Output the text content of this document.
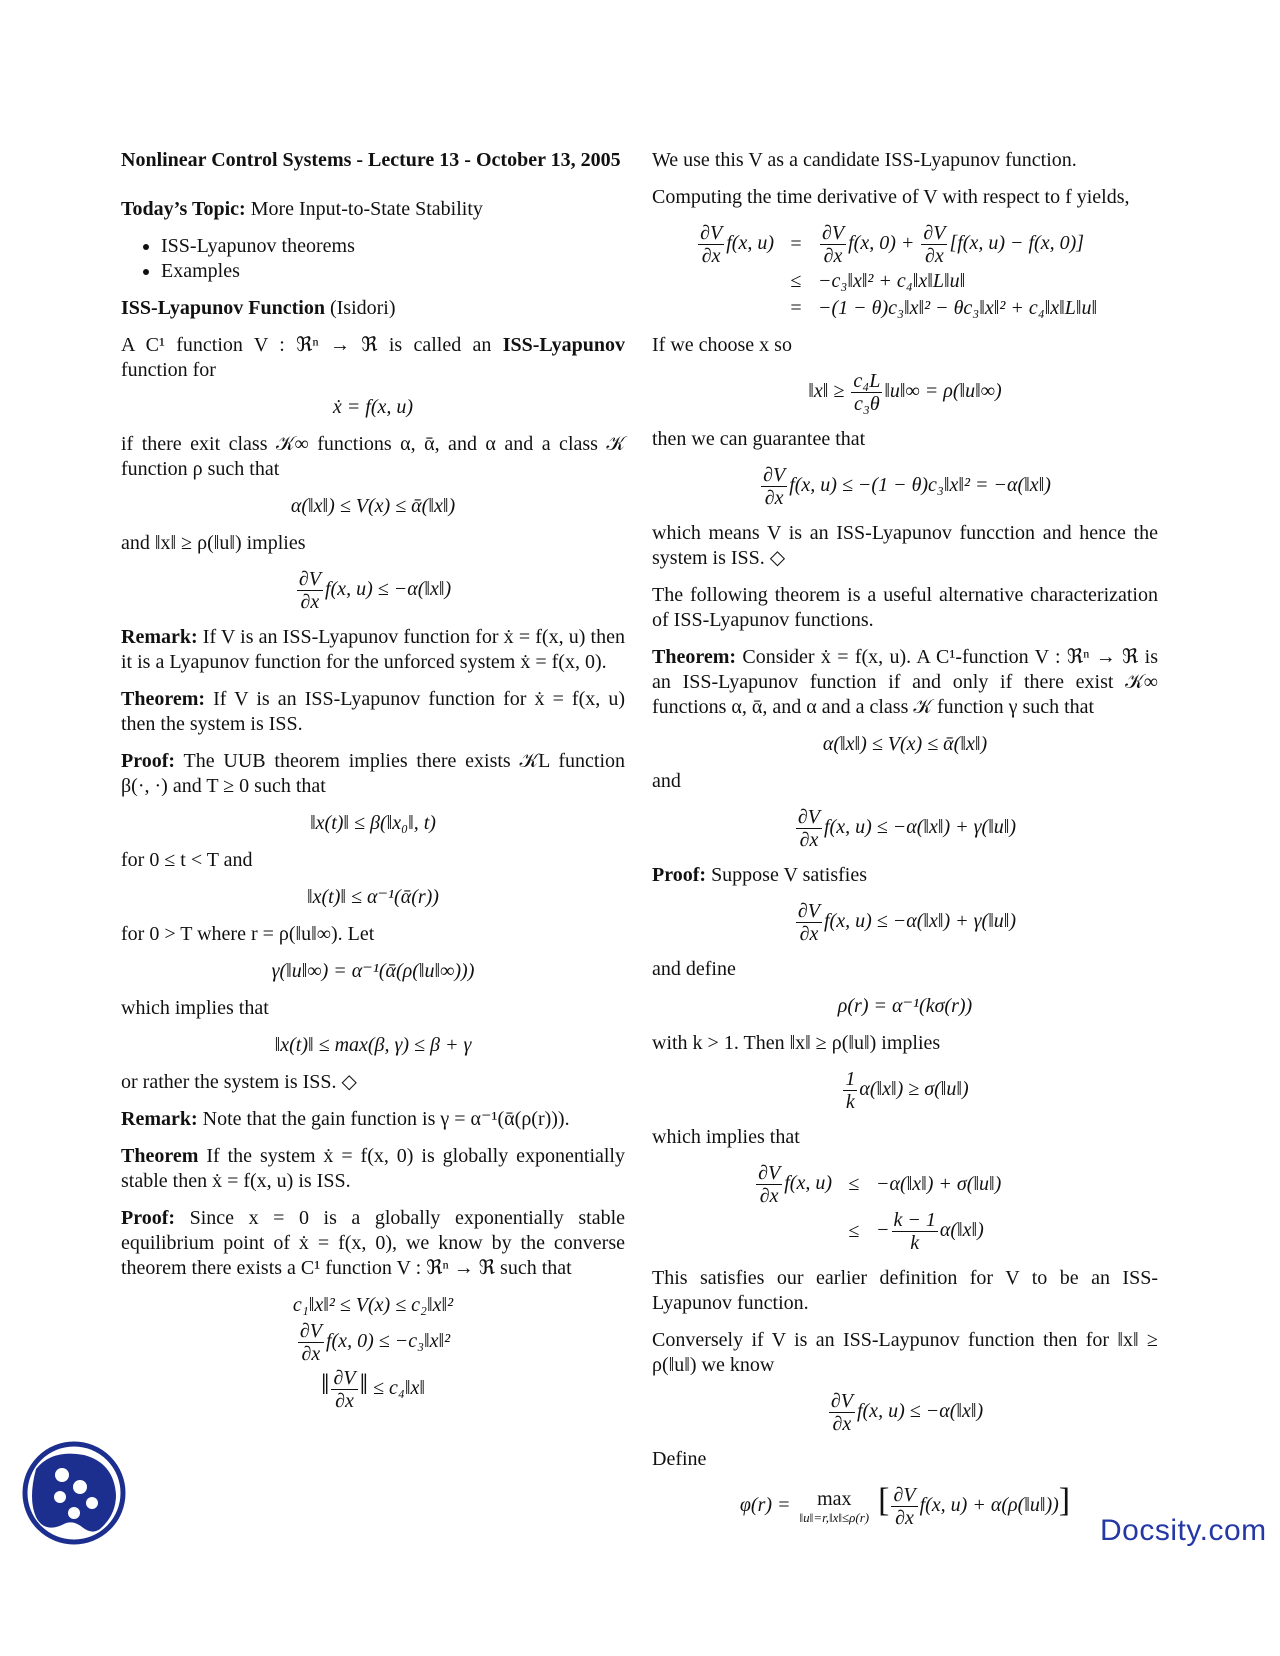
Nonlinear Control Systems - Lecture 13 - October 13, 2005

Today’s Topic: More Input-to-State Stability

• ISS-Lyapunov theorems
• Examples

ISS-Lyapunov Function (Isidori)

A C¹ function V : ℜⁿ → ℜ is called an ISS-Lyapunov function for

ẋ = f(x, u)

if there exit class 𝒦∞ functions α, ᾱ, and α and a class 𝒦 function ρ such that

α(‖x‖) ≤ V(x) ≤ ᾱ(‖x‖)

and ‖x‖ ≥ ρ(‖u‖) implies

$\frac{\partial V}{\partial x} f(x$, u) ≤ −α(‖x‖)

Remark: If V is an ISS-Lyapunov function for ẋ = f(x, u) then it is a Lyapunov function for the unforced system ẋ = f(x, 0).

Theorem: If V is an ISS-Lyapunov function for ẋ = f(x, u) then the system is ISS.

Proof: The UUB theorem implies there exists 𝒦L function β(·, ·) and T ≥ 0 such that

‖x(t)‖ ≤ β(‖x₀‖, t)

for 0 ≤ t < T and

‖x(t)‖ ≤ α⁻¹(ᾱ(r))

for 0 > T where r = ρ(‖u‖∞). Let

γ(‖u‖∞) = α⁻¹(ᾱ(ρ(‖u‖∞)))

which implies that

‖x(t)‖ ≤ max(β, γ) ≤ β + γ

or rather the system is ISS. ◇

Remark: Note that the gain function is γ = α⁻¹(ᾱ(ρ(r))).

Theorem If the system ẋ = f(x, 0) is globally exponentially stable then ẋ = f(x, u) is ISS.

Proof: Since x = 0 is a globally exponentially stable equilibrium point of ẋ = f(x, 0), we know by the converse theorem there exists a C¹ function V : ℜⁿ → ℜ such that

c₁‖x‖² ≤ V(x) ≤ c₂‖x‖²
$\frac{\partial V}{\partial x} f(x$, 0) ≤ −c₃‖x‖²
‖ $\frac{\partial V}{\partial x}$ ‖ ≤ c₄‖x‖

We use this V as a candidate ISS-Lyapunov function.

Computing the time derivative of V with respect to f yields,

$\frac{\partial V}{\partial x} f(x$, $u) = \frac{\partial V}{\partial x} f(x$, $0) + \frac{\partial V}{\partial x} [f(x$, u) − f(x, 0)]
≤ −c₃‖x‖² + c₄‖x‖L‖u‖
= −(1 − θ)c₃‖x‖² − θc₃‖x‖² + c₄‖x‖L‖u‖

If we choose x so

‖x‖ ≥ $\frac{\text{c₄L}}{\text{c₃θ}}$ ‖u‖∞ = ρ(‖u‖∞)

then we can guarantee that

$\frac{\partial V}{\partial x} f(x$, u) ≤ −(1 − θ)c₃‖x‖² = −α(‖x‖)

which means V is an ISS-Lyapunov funcction and hence the system is ISS. ◇

The following theorem is a useful alternative characterization of ISS-Lyapunov functions.

Theorem: Consider ẋ = f(x, u). A C¹-function V : ℜⁿ → ℜ is an ISS-Lyapunov function if and only if there exist 𝒦∞ functions α, ᾱ, and α and a class 𝒦 function γ such that

α(‖x‖) ≤ V(x) ≤ ᾱ(‖x‖)

and

$\frac{\partial V}{\partial x} f(x$, u) ≤ −α(‖x‖) + γ(‖u‖)

Proof: Suppose V satisfies

$\frac{\partial V}{\partial x} f(x$, u) ≤ −α(‖x‖) + γ(‖u‖)

and define

ρ(r) = α⁻¹(kσ(r))

with k > 1. Then ‖x‖ ≥ ρ(‖u‖) implies

$\frac{1}{k}$ α(‖x‖) ≥ σ(‖u‖)

which implies that

$\frac{\partial V}{\partial x} f(x$, u) ≤ −α(‖x‖) + σ(‖u‖)
≤ − $\frac{k - 1}{k}$ α(‖x‖)

This satisfies our earlier definition for V to be an ISS-Lyapunov function.

Conversely if V is an ISS-Laypunov function then for ‖x‖ ≥ ρ(‖u‖) we know

$\frac{\partial V}{\partial x} f(x$, u) ≤ −α(‖x‖)

Define

φ(r) =	max
‖u‖=r,‖x‖≤ρ(r) [ $\frac{\partial V}{\partial x} f(x$, u) + α(ρ(‖u‖))]
Docsity.com
